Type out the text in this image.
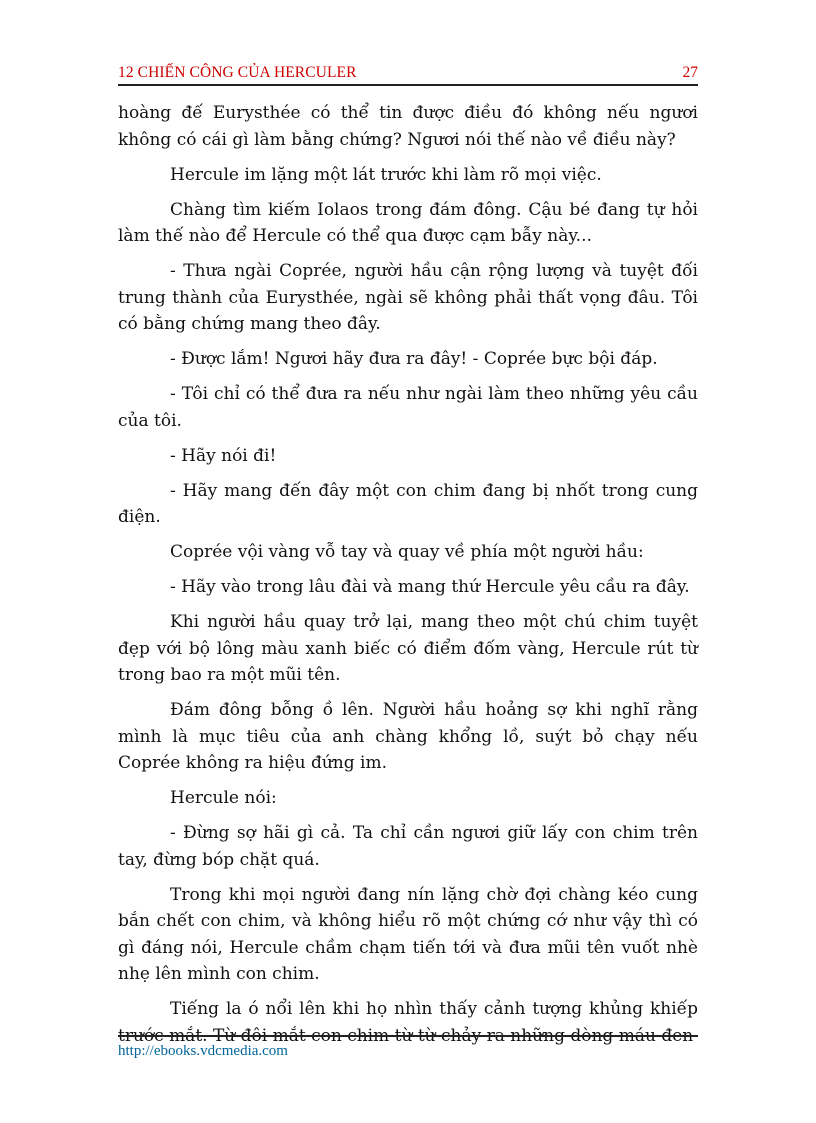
12 CHIẾN CÔNG CỦA HERCULER	27

hoàng đế Eurysthée có thể tin được điều đó không nếu ngươi không có cái gì làm bằng chứng? Ngươi nói thế nào về điều này?

Hercule im lặng một lát trước khi làm rõ mọi việc.

Chàng tìm kiếm Iolaos trong đám đông. Cậu bé đang tự hỏi làm thế nào để Hercule có thể qua được cạm bẫy này...

- Thưa ngài Coprée, người hầu cận rộng lượng và tuyệt đối trung thành của Eurysthée, ngài sẽ không phải thất vọng đâu. Tôi có bằng chứng mang theo đây.

- Được lắm! Ngươi hãy đưa ra đây! - Coprée bực bội đáp.

- Tôi chỉ có thể đưa ra nếu như ngài làm theo những yêu cầu của tôi.

- Hãy nói đi!

- Hãy mang đến đây một con chim đang bị nhốt trong cung điện.

Coprée vội vàng vỗ tay và quay về phía một người hầu:

- Hãy vào trong lâu đài và mang thứ Hercule yêu cầu ra đây.

Khi người hầu quay trở lại, mang theo một chú chim tuyệt đẹp với bộ lông màu xanh biếc có điểm đốm vàng, Hercule rút từ trong bao ra một mũi tên.

Đám đông bỗng ồ lên. Người hầu hoảng sợ khi nghĩ rằng mình là mục tiêu của anh chàng khổng lồ, suýt bỏ chạy nếu Coprée không ra hiệu đứng im.

Hercule nói:

- Đừng sợ hãi gì cả. Ta chỉ cần ngươi giữ lấy con chim trên tay, đừng bóp chặt quá.

Trong khi mọi người đang nín lặng chờ đợi chàng kéo cung bắn chết con chim, và không hiểu rõ một chứng cớ như vậy thì có gì đáng nói, Hercule chầm chạm tiến tới và đưa mũi tên vuốt nhè nhẹ lên mình con chim.

Tiếng la ó nổi lên khi họ nhìn thấy cảnh tượng khủng khiếp trước mắt. Từ đôi mắt con chim từ từ chảy ra những dòng máu đen

http://ebooks.vdcmedia.com
